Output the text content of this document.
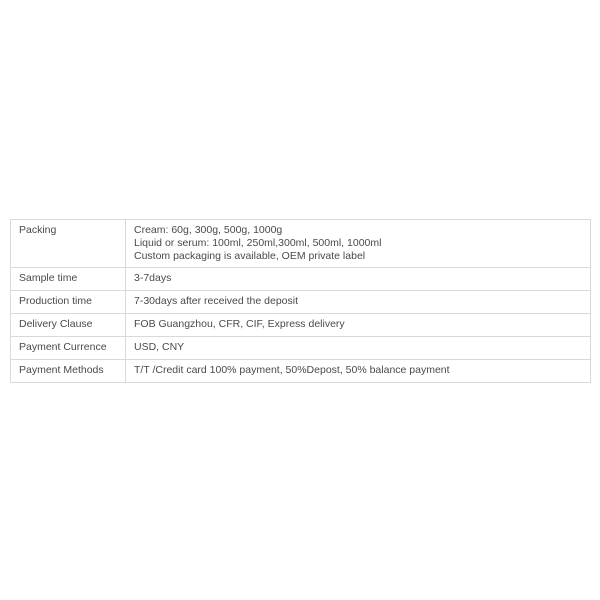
Packing	Cream: 60g, 300g, 500g, 1000g
Liquid or serum: 100ml, 250ml,300ml, 500ml, 1000ml
Custom packaging is available, OEM private label

Sample time	3-7days
Production time	7-30days after received the deposit
Delivery Clause	FOB Guangzhou, CFR, CIF, Express delivery
Payment Currence	USD, CNY
Payment Methods	T/T /Credit card 100% payment, 50%Depost, 50% balance payment
